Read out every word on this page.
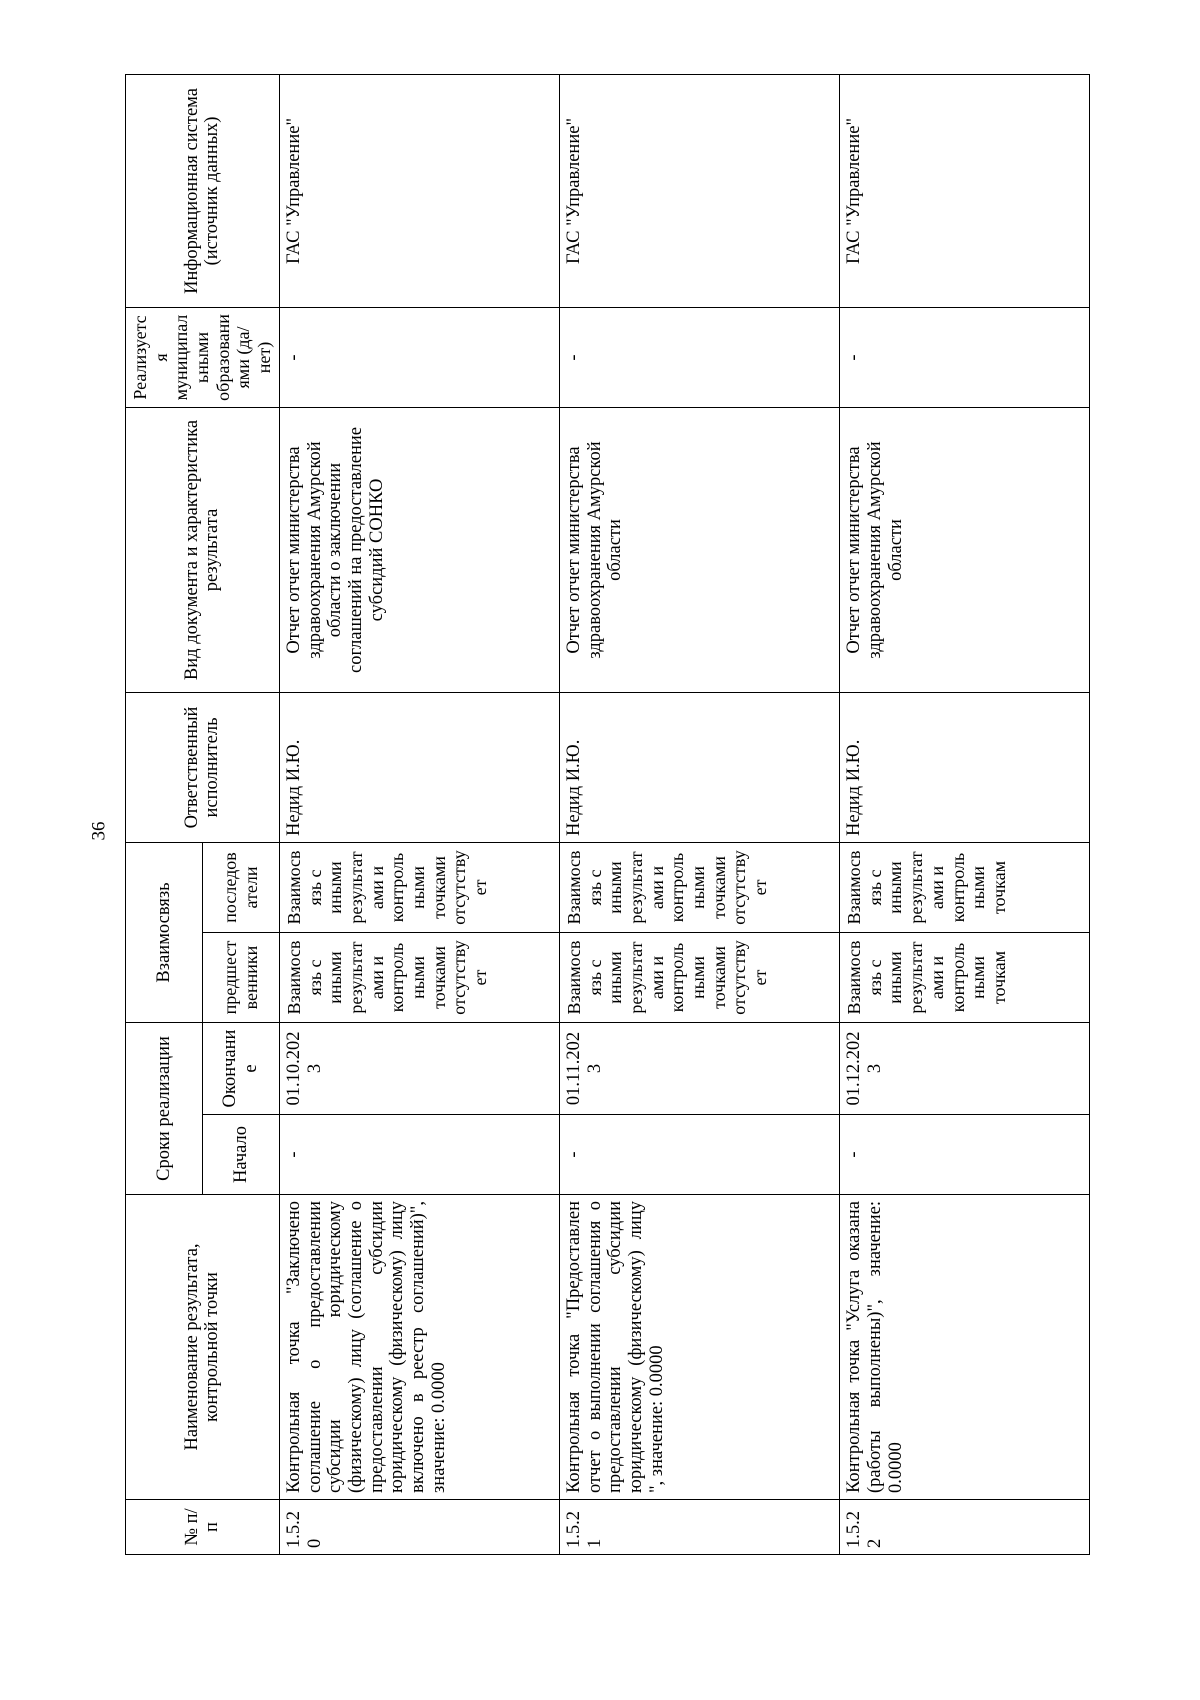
36
№ п/п	Наименование результата, контрольной точки	Сроки реализации		Взаимосвязь		Ответственный исполнитель	Вид документа и характеристика результата	Реализуется муниципальными образованиями (да/нет)	Информационная система (источник данных)
		Начало	Окончание	предшественники	последователи				
1.5.20	Контрольная точка "Заключено соглашение о предоставлении субсидии юридическому (физическому) лицу (соглашение о предоставлении субсидии юридическому (физическому) лицу включено в реестр соглашений)", значение: 0.0000	-	01.10.2023	Взаимосвязь с иными результатами и контрольными точками отсутствует	Взаимосвязь с иными результатами и контрольными точками отсутствует	Недид И.Ю.	Отчет отчет министерства здравоохранения Амурской области о заключении соглашений на предоставление субсидий СОНКО	-	ГАС "Управление"
1.5.21	Контрольная точка "Предоставлен отчет о выполнении соглашения о предоставлении субсидии юридическому (физическому) лицу ", значение: 0.0000	-	01.11.2023	Взаимосвязь с иными результатами и контрольными точками отсутствует	Взаимосвязь с иными результатами и контрольными точками отсутствует	Недид И.Ю.	Отчет отчет министерства здравоохранения Амурской области	-	ГАС "Управление"
1.5.22	Контрольная точка "Услуга оказана (работы выполнены)", значение: 0.0000	-	01.12.2023	Взаимосвязь с иными результатами и контрольными точкам	Взаимосвязь с иными результатами и контрольными точкам	Недид И.Ю.	Отчет отчет министерства здравоохранения Амурской области	-	ГАС "Управление"
